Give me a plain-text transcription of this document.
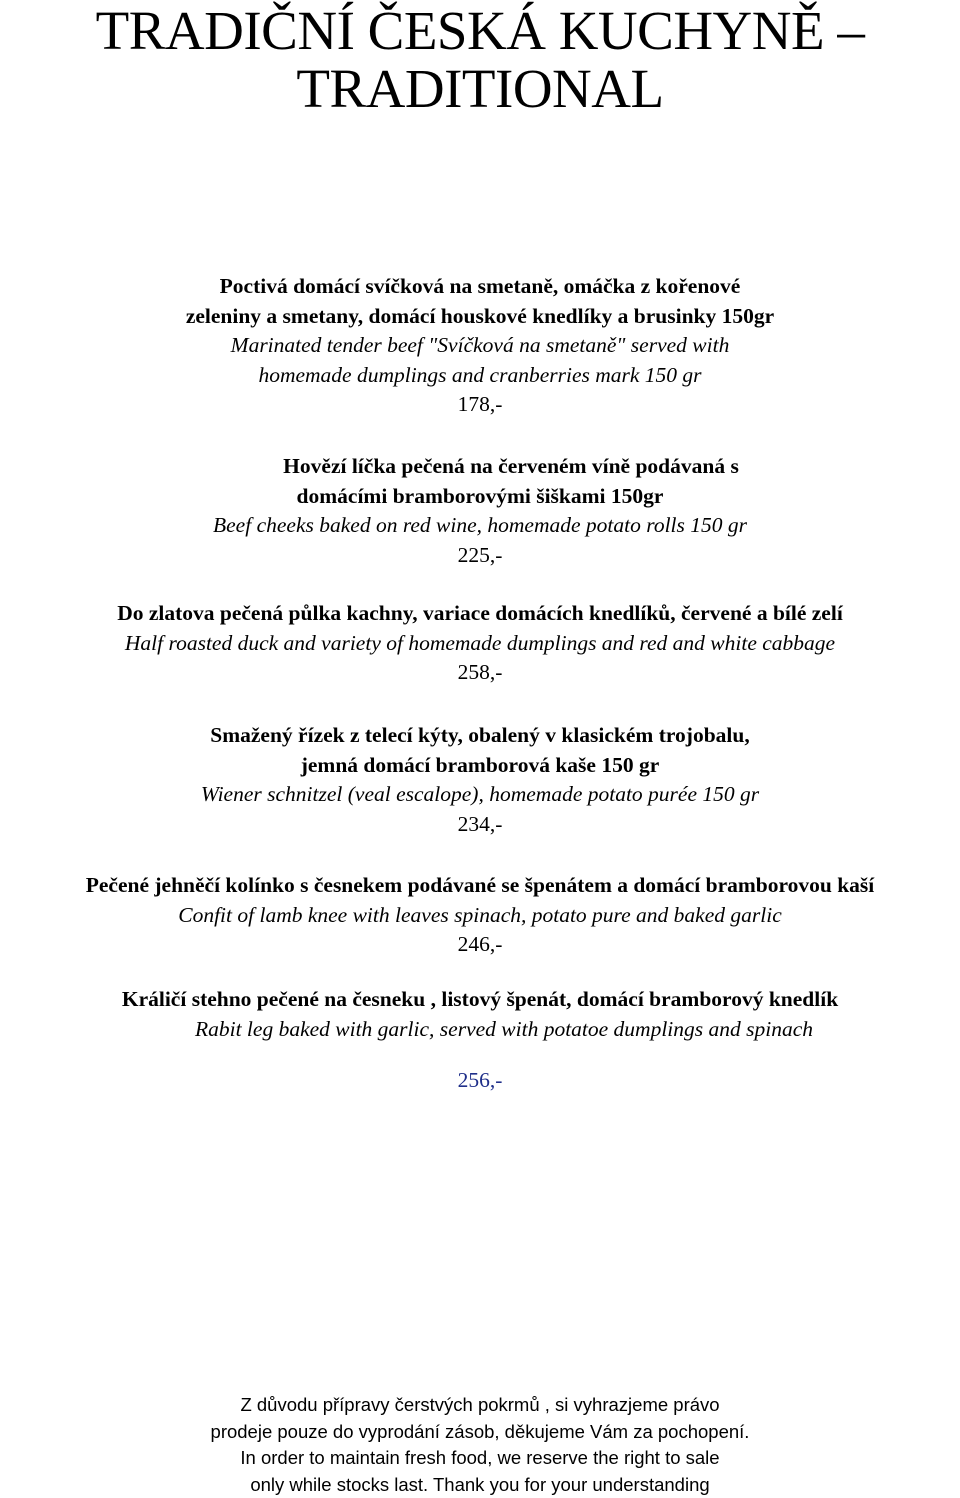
TRADIČNÍ ČESKÁ KUCHYNĚ –
TRADITIONAL
Poctivá domácí svíčková na smetaně, omáčka z kořenové
zeleniny a smetany, domácí houskové knedlíky a brusinky 150gr
Marinated tender beef "Svíčková na smetaně" served with
homemade dumplings and cranberries mark 150 gr
178,-
Hovězí líčka pečená na červeném víně podávaná s
domácími bramborovými šiškami 150gr
Beef cheeks baked on red wine, homemade potato rolls 150 gr
225,-
Do zlatova pečená půlka kachny, variace domácích knedlíků, červené a bílé zelí
Half roasted duck and variety of homemade dumplings and red and white cabbage
258,-
Smažený řízek z telecí kýty, obalený v klasickém trojobalu,
jemná domácí bramborová kaše 150 gr
Wiener schnitzel (veal escalope), homemade potato purée 150 gr
234,-
Pečené jehněčí kolínko s česnekem podávané se špenátem a domácí bramborovou kaší
Confit of lamb knee with leaves spinach, potato pure and baked garlic
246,-
Králičí stehno pečené na česneku , listový špenát, domácí bramborový knedlík
Rabit leg baked with garlic, served with potatoe dumplings and spinach
256,-
Z důvodu přípravy čerstvých pokrmů , si vyhrazjeme právo
prodeje pouze do vyprodání zásob, děkujeme Vám za pochopení.
In order to maintain fresh food, we reserve the right to sale
only while stocks last. Thank you for your understanding
